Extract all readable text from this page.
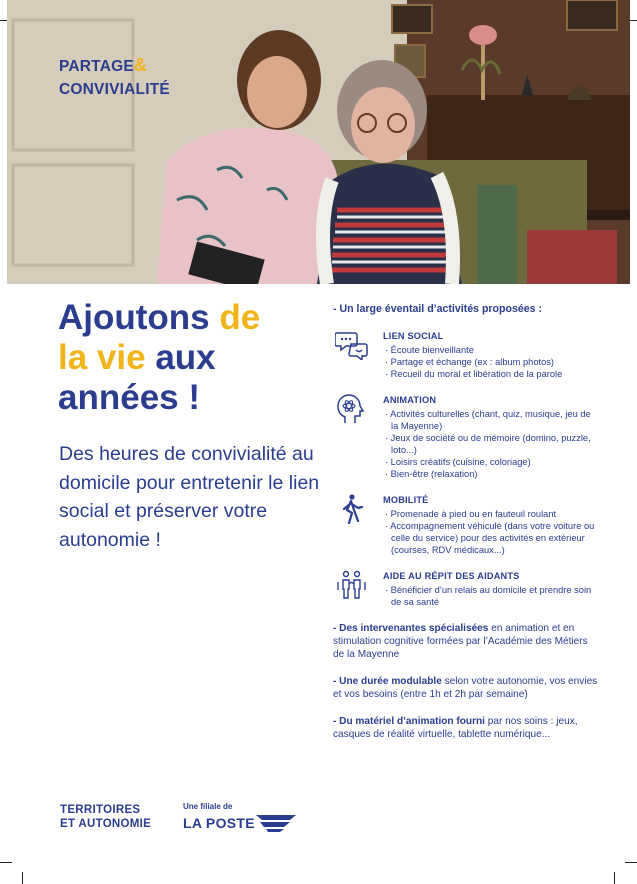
PARTAGE&
CONVIVIALITÉ
Ajoutons de
la vie aux
années !
Des heures de convivialité au domicile pour entretenir le lien social et préserver votre autonomie !
- Un large éventail d’activités proposées :
LIEN SOCIAL
· Écoute bienveillante
· Partage et échange (ex : album photos)
· Recueil du moral et libération de la parole
ANIMATION
· Activités culturelles (chant, quiz, musique, jeu de la Mayenne)
· Jeux de société ou de mémoire (domino, puzzle, loto...)
· Loisirs créatifs (cuisine, coloriage)
· Bien-être (relaxation)
MOBILITÉ
· Promenade à pied ou en fauteuil roulant
· Accompagnement véhiculé (dans votre voiture ou celle du service) pour des activités en extérieur (courses, RDV médicaux...)
AIDE AU RÉPIT DES AIDANTS
· Bénéficier d’un relais au domicile et prendre soin de sa santé
- Des intervenantes spécialisées en animation et en stimulation cognitive formées par l’Académie des Métiers de la Mayenne
- Une durée modulable selon votre autonomie, vos envies et vos besoins (entre 1h et 2h par semaine)
- Du matériel d’animation fourni par nos soins : jeux, casques de réalité virtuelle, tablette numérique...
TERRITOIRES
ET AUTONOMIE
Une filiale de
LA POSTE
